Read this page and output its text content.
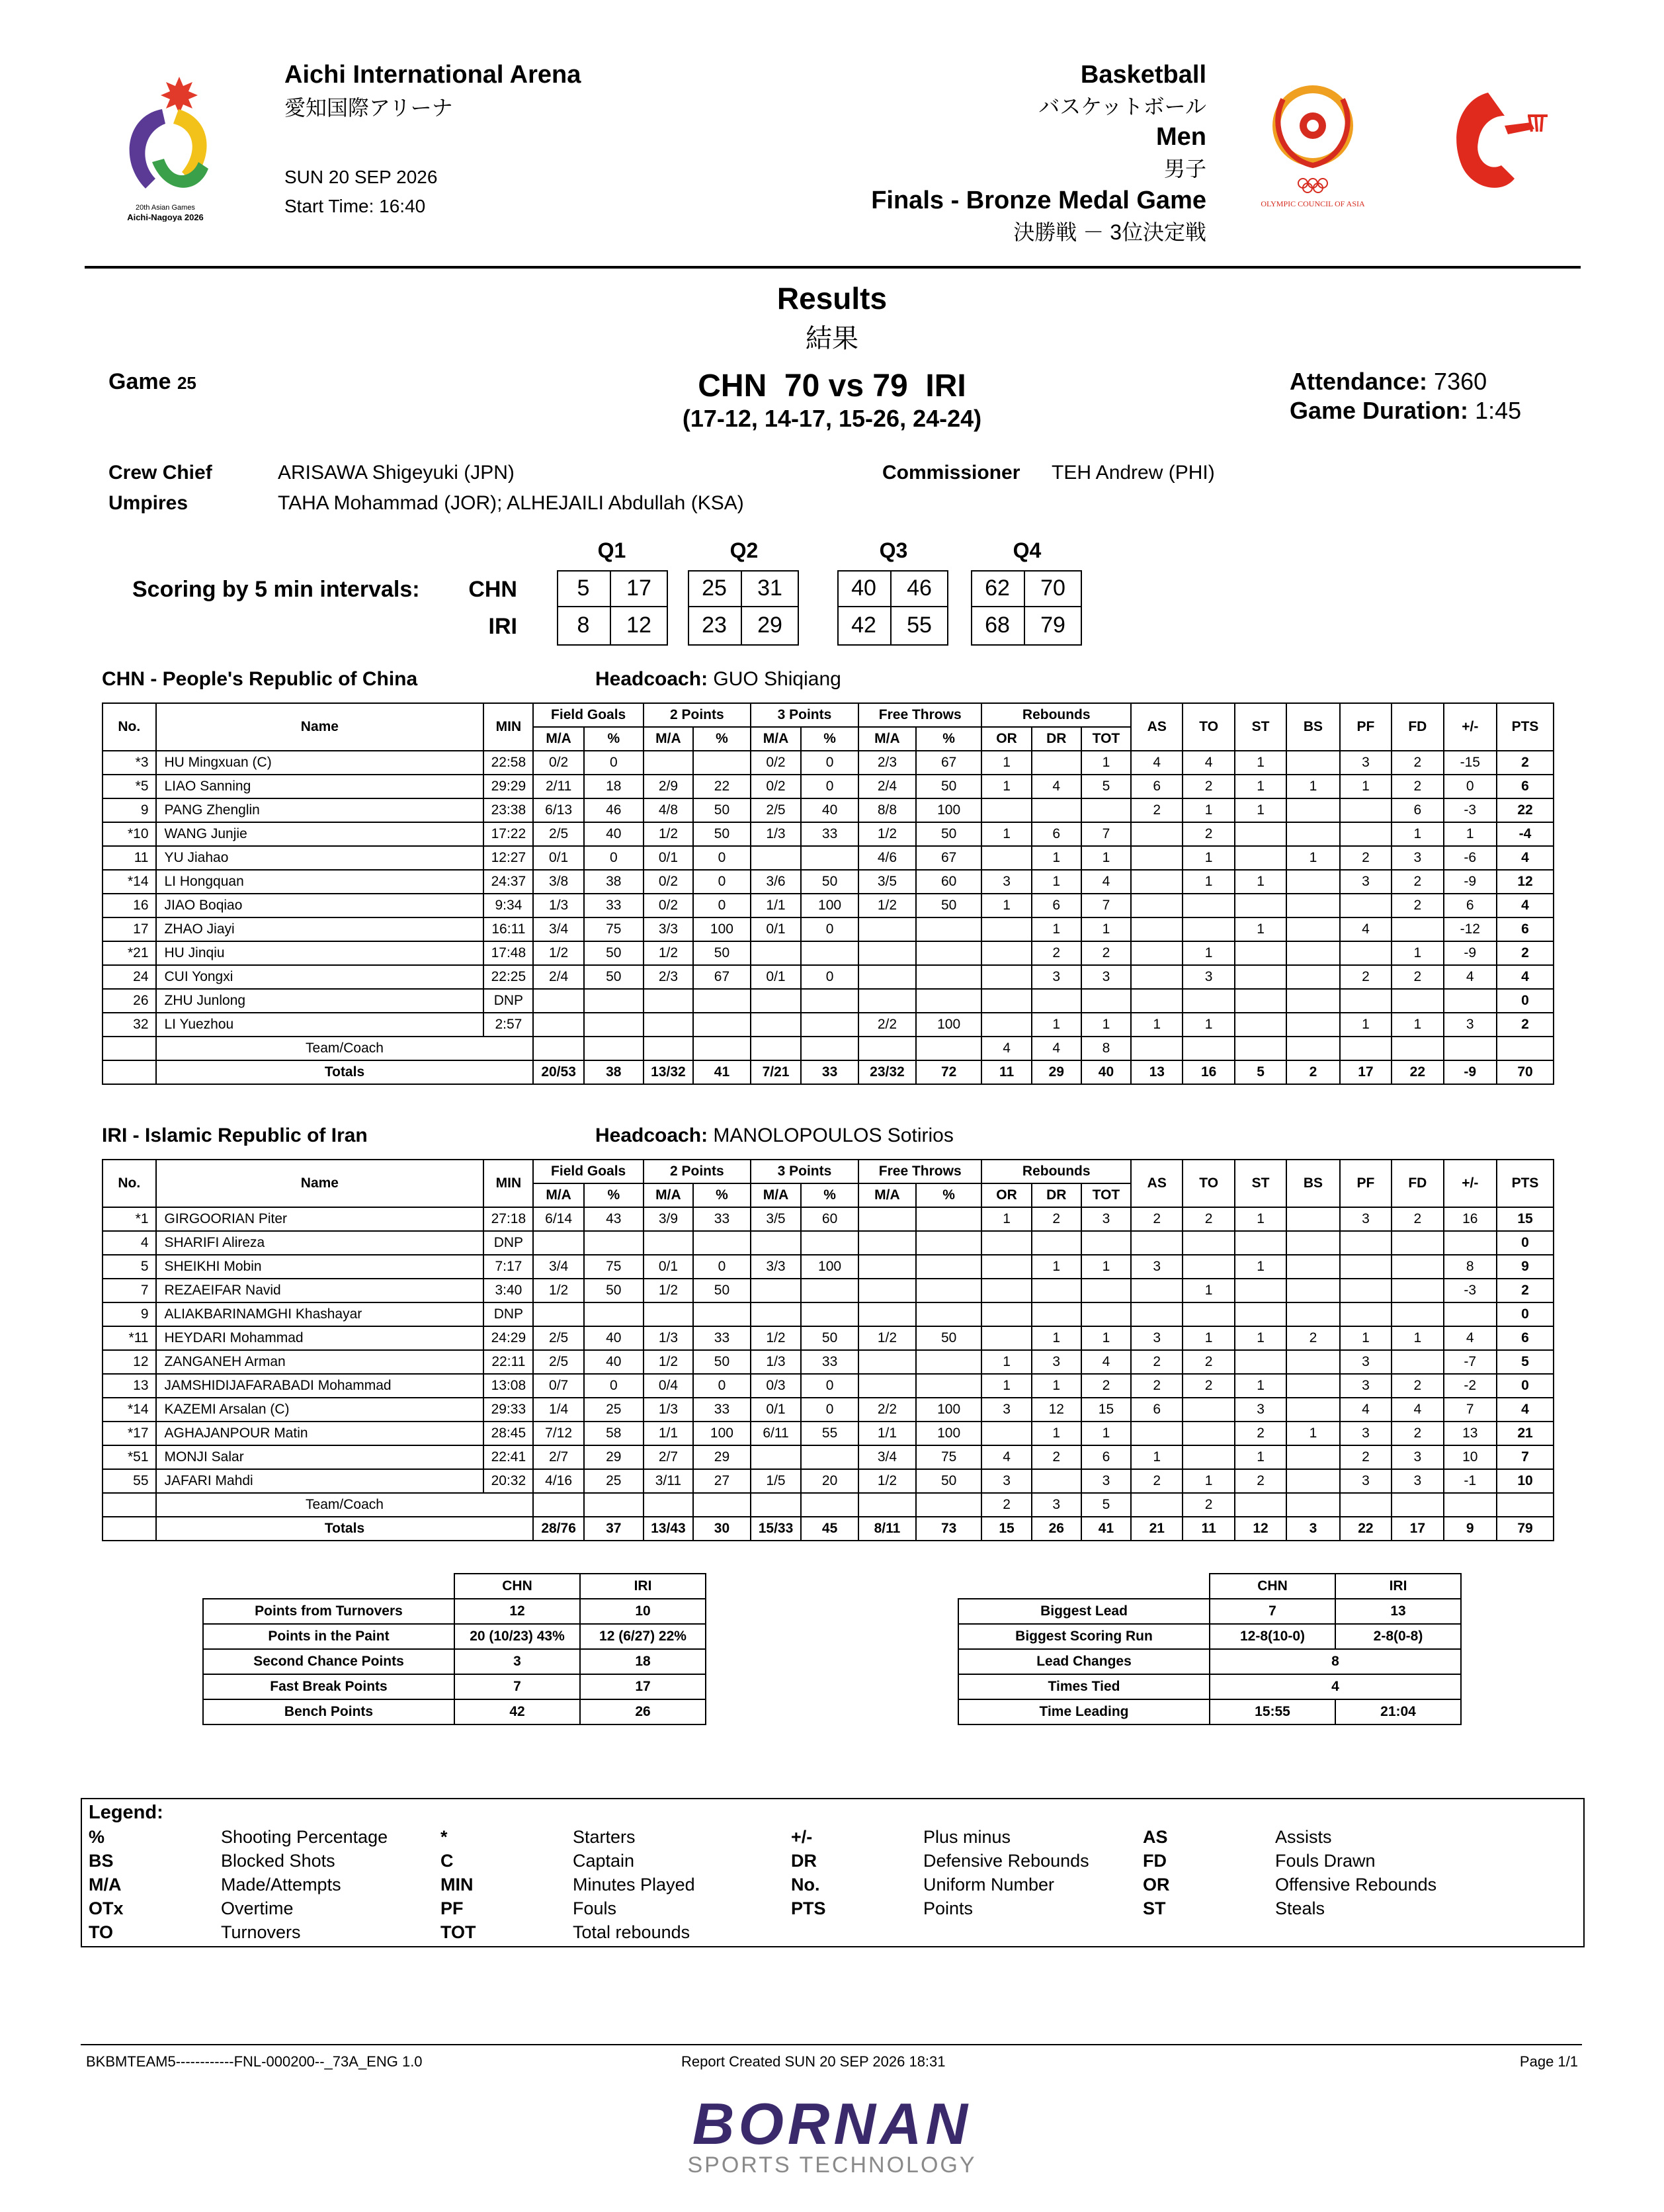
20th Asian Games
Aichi-Nagoya 2026
Aichi International Arena
愛知国際アリーナ
SUN 20 SEP 2026
Start Time: 16:40
Basketball
バスケットボール
Men
男子
Finals - Bronze Medal Game
決勝戦 － 3位決定戦
OLYMPIC COUNCIL OF ASIA
Results
結果
Game 25	CHN  70 vs 79  IRI
(17-12, 14-17, 15-26, 24-24)
Attendance: 7360
Game Duration: 1:45
Crew Chief	ARISAWA Shigeyuki (JPN)
Umpires	TAHA Mohammad (JOR); ALHEJAILI Abdullah (KSA)
Commissioner TEH Andrew (PHI)
Scoring by 5 min intervals:
Q1	Q2	Q3	Q4
CHN
IRI
5	17	25	31	40	46	62	70
8	12	23	29	42	55	68	79
CHN - People's Republic of China	Headcoach: GUO Shiqiang
No.	Name	MIN	Field Goals		2 Points		3 Points		Free Throws		Rebounds			AS	TO	ST	BS	PF	FD	+/-	PTS
			M/A	%	M/A	%	M/A	%	M/A	%	OR	DR	TOT								
*3	HU Mingxuan (C)	22:58	0/2	0			0/2	0	2/3	67	1		1	4	4	1		3	2	-15	2
*5	LIAO Sanning	29:29	2/11	18	2/9	22	0/2	0	2/4	50	1	4	5	6	2	1	1	1	2	0	6
9	PANG Zhenglin	23:38	6/13	46	4/8	50	2/5	40	8/8	100				2	1	1			6	-3	22
*10	WANG Junjie	17:22	2/5	40	1/2	50	1/3	33	1/2	50	1	6	7		2				1	1	-4
11	YU Jiahao	12:27	0/1	0	0/1	0			4/6	67		1	1		1		1	2	3	-6	4
*14	LI Hongquan	24:37	3/8	38	0/2	0	3/6	50	3/5	60	3	1	4		1	1		3	2	-9	12
16	JIAO Boqiao	9:34	1/3	33	0/2	0	1/1	100	1/2	50	1	6	7						2	6	4
17	ZHAO Jiayi	16:11	3/4	75	3/3	100	0/1	0				1	1			1		4		-12	6
*21	HU Jinqiu	17:48	1/2	50	1/2	50						2	2		1				1	-9	2
24	CUI Yongxi	22:25	2/4	50	2/3	67	0/1	0				3	3		3			2	2	4	4
26	ZHU Junlong	DNP																			0
32	LI Yuezhou	2:57							2/2	100		1	1	1	1			1	1	3	2
	Team/Coach										4	4	8								
	Totals		20/53	38	13/32	41	7/21	33	23/32	72	11	29	40	13	16	5	2	17	22	-9	70
IRI - Islamic Republic of Iran	Headcoach: MANOLOPOULOS Sotirios
No.	Name	MIN	Field Goals		2 Points		3 Points		Free Throws		Rebounds			AS	TO	ST	BS	PF	FD	+/-	PTS
			M/A	%	M/A	%	M/A	%	M/A	%	OR	DR	TOT								
*1	GIRGOORIAN Piter	27:18	6/14	43	3/9	33	3/5	60			1	2	3	2	2	1		3	2	16	15
4	SHARIFI Alireza	DNP																			0
5	SHEIKHI Mobin	7:17	3/4	75	0/1	0	3/3	100				1	1	3		1				8	9
7	REZAEIFAR Navid	3:40	1/2	50	1/2	50									1					-3	2
9	ALIAKBARINAMGHI Khashayar	DNP																			0
*11	HEYDARI Mohammad	24:29	2/5	40	1/3	33	1/2	50	1/2	50		1	1	3	1	1	2	1	1	4	6
12	ZANGANEH Arman	22:11	2/5	40	1/2	50	1/3	33			1	3	4	2	2			3		-7	5
13	JAMSHIDIJAFARABADI Mohammad	13:08	0/7	0	0/4	0	0/3	0			1	1	2	2	2	1		3	2	-2	0
*14	KAZEMI Arsalan (C)	29:33	1/4	25	1/3	33	0/1	0	2/2	100	3	12	15	6		3		4	4	7	4
*17	AGHAJANPOUR Matin	28:45	7/12	58	1/1	100	6/11	55	1/1	100		1	1			2	1	3	2	13	21
*51	MONJI Salar	22:41	2/7	29	2/7	29			3/4	75	4	2	6	1		1		2	3	10	7
55	JAFARI Mahdi	20:32	4/16	25	3/11	27	1/5	20	1/2	50	3		3	2	1	2		3	3	-1	10
	Team/Coach										2	3	5		2						
	Totals		28/76	37	13/43	30	15/33	45	8/11	73	15	26	41	21	11	12	3	22	17	9	79
	CHN	IRI
Points from Turnovers	12	10
Points in the Paint	20 (10/23) 43%	12 (6/27) 22%
Second Chance Points	3	18
Fast Break Points	7	17
Bench Points	42	26
	CHN	IRI
Biggest Lead	7	13
Biggest Scoring Run	12-8(10-0)	2-8(0-8)
Lead Changes	8	
Times Tied	4	
Time Leading	15:55	21:04
Legend:
%	Shooting Percentage
BS	Blocked Shots
M/A	Made/Attempts
OTx	Overtime
TO	Turnovers
*	Starters
C	Captain
MIN	Minutes Played
PF	Fouls
TOT	Total rebounds
+/-	Plus minus
DR	Defensive Rebounds
No.	Uniform Number
PTS	Points
AS	Assists
FD	Fouls Drawn
OR	Offensive Rebounds
ST	Steals
BKBMTEAM5------------FNL-000200--_73A_ENG 1.0	Report Created SUN 20 SEP 2026 18:31	Page 1/1
BORNAN
SPORTS TECHNOLOGY
